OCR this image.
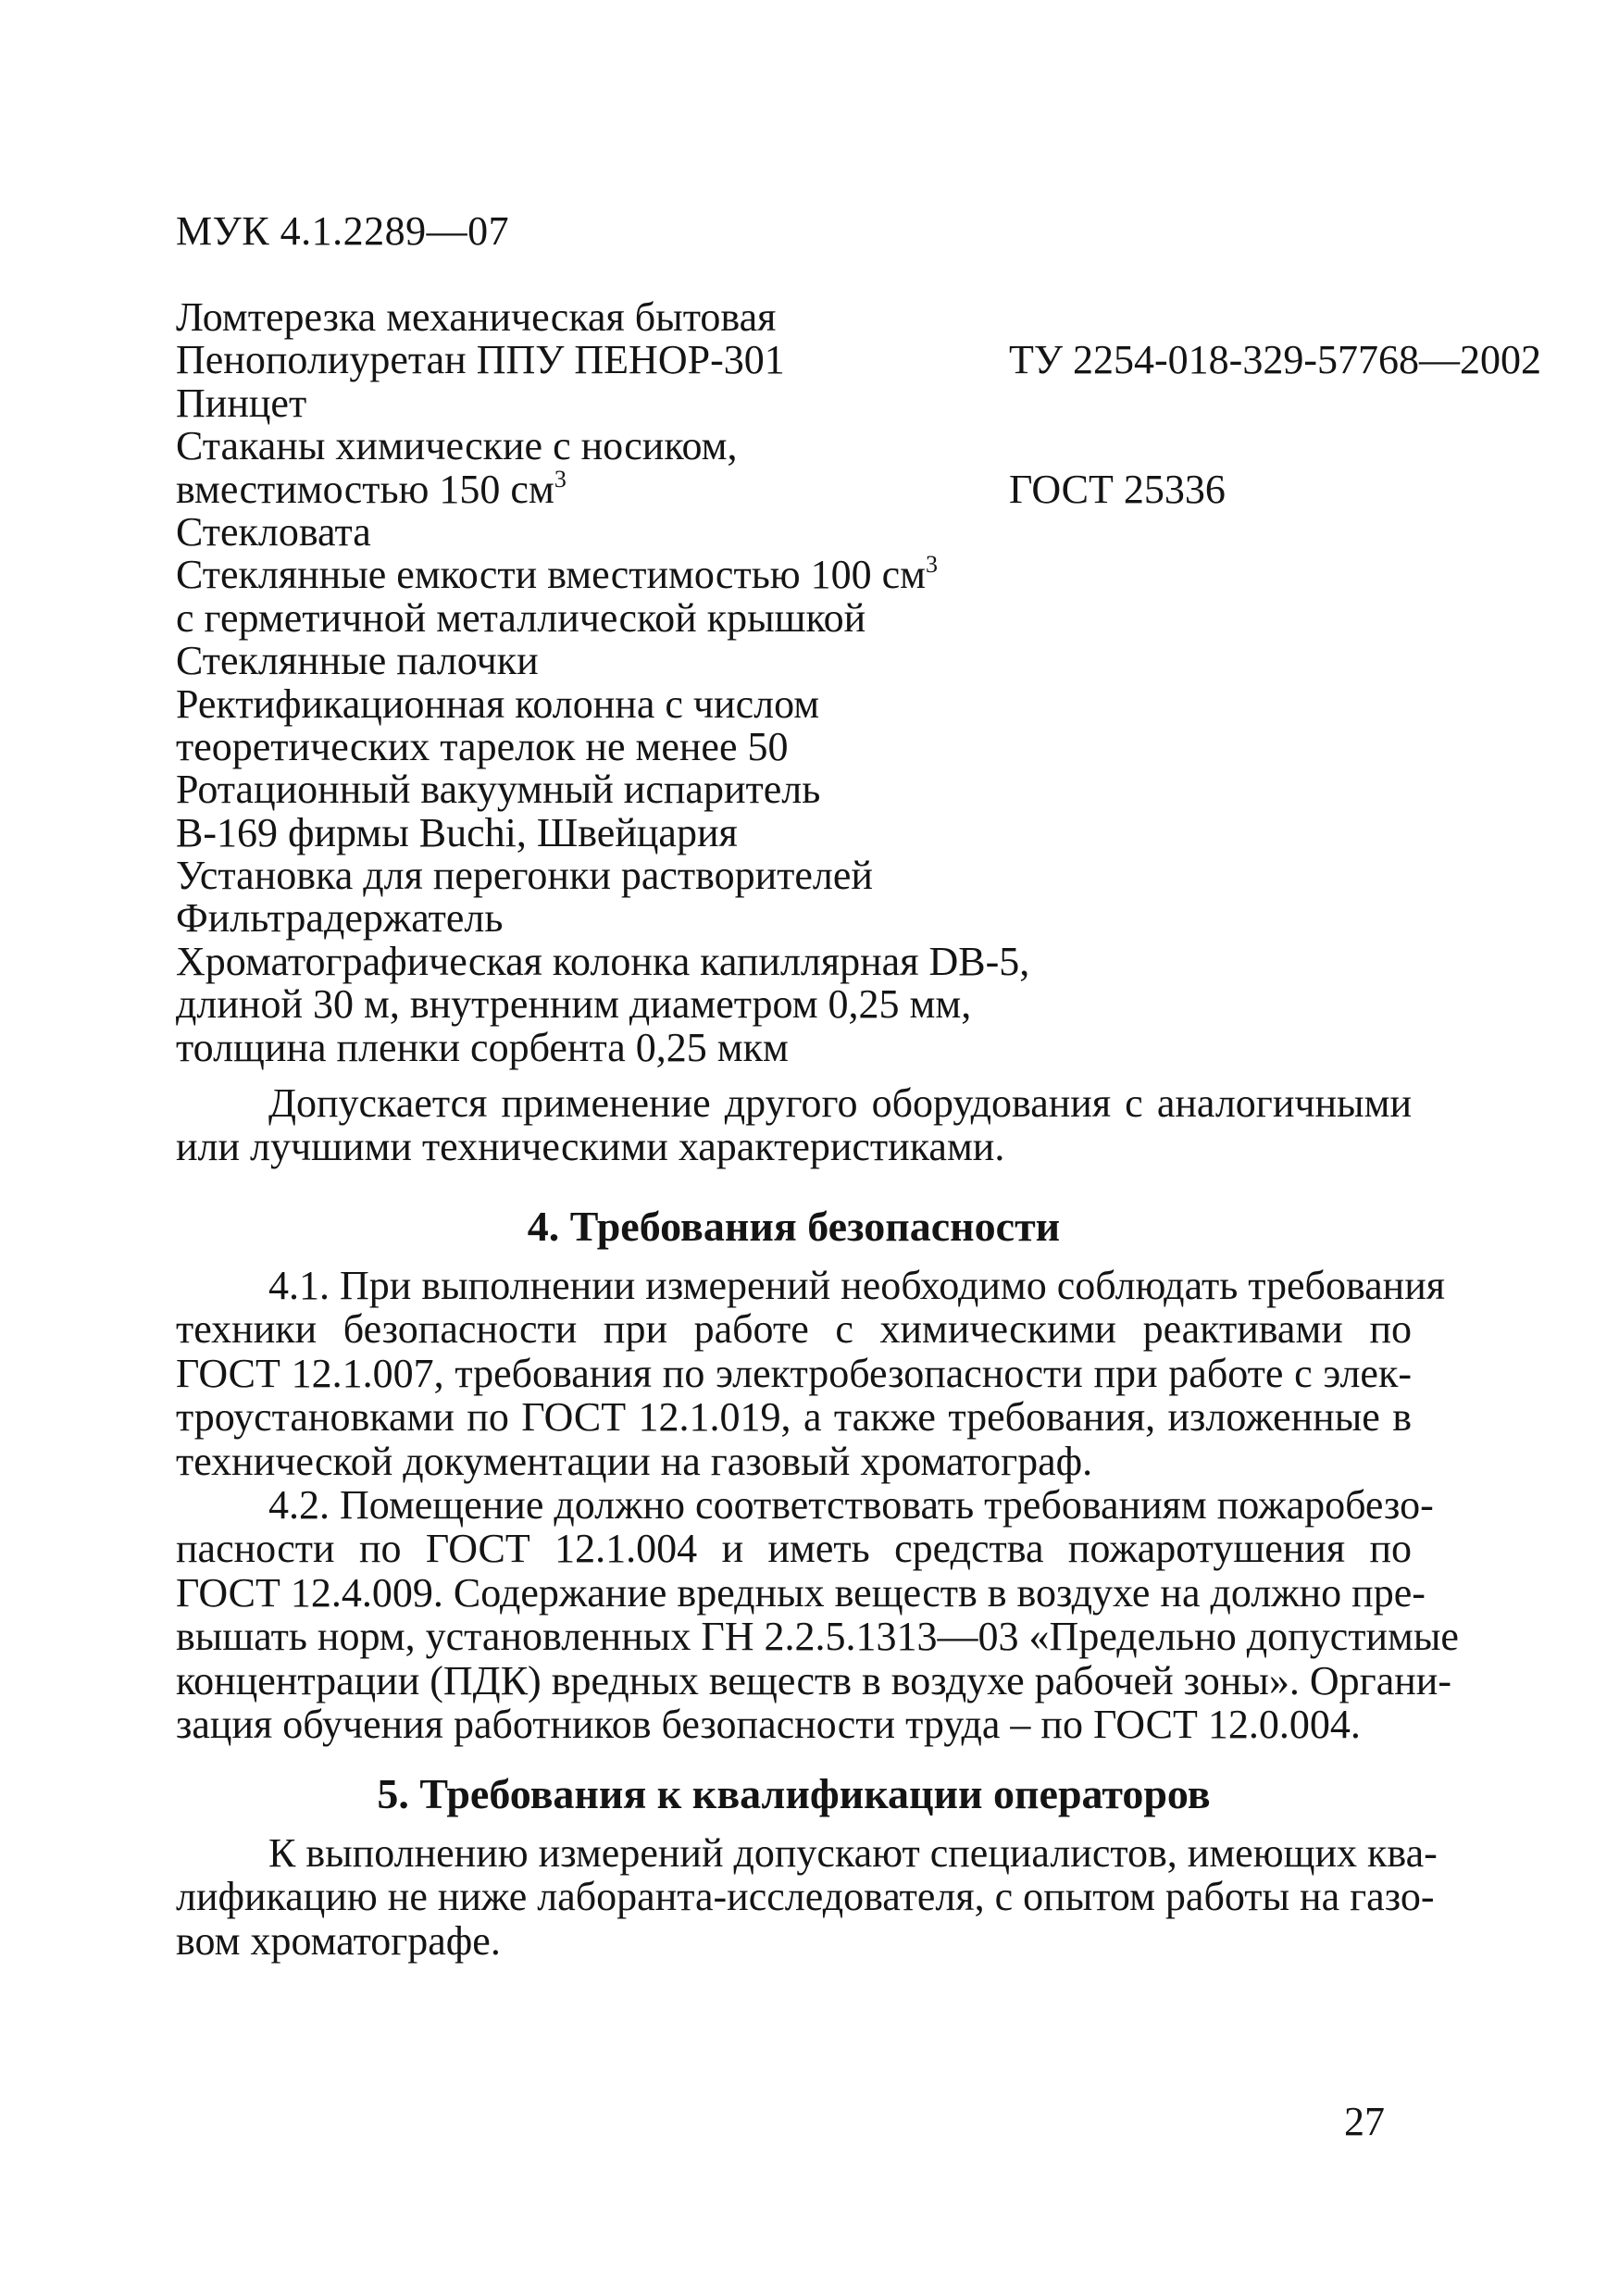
МУК 4.1.2289—07
Ломтерезка механическая бытовая
Пенополиуретан ППУ ПЕНОР-301	ТУ 2254-018-329-57768—2002
Пинцет
Стаканы химические с носиком,
вместимостью 150 $см^3$	ГОСТ 25336
Стекловата
Стеклянные емкости вместимостью 100 $см^3$
с герметичной металлической крышкой
Стеклянные палочки
Ректификационная колонна с числом
теоретических тарелок не менее 50
Ротационный вакуумный испаритель
В-169 фирмы Buchi, Швейцария
Установка для перегонки растворителей
Фильтрадержатель
Хроматографическая колонка капиллярная DB-5,
длиной 30 м, внутренним диаметром 0,25 мм,
толщина пленки сорбента 0,25 мкм

Допускается применение другого оборудования с аналогичными
или лучшими техническими характеристиками.

4. Требования безопасности

4.1. При выполнении измерений необходимо соблюдать требования
техники безопасности при работе с химическими реактивами по
ГОСТ 12.1.007, требования по электробезопасности при работе с элек-
троустановками по ГОСТ 12.1.019, а также требования, изложенные в
технической документации на газовый хроматограф.

4.2. Помещение должно соответствовать требованиям пожаробезо-
пасности по ГОСТ 12.1.004 и иметь средства пожаротушения по
ГОСТ 12.4.009. Содержание вредных веществ в воздухе на должно пре-
вышать норм, установленных ГН 2.2.5.1313—03 «Предельно допустимые
концентрации (ПДК) вредных веществ в воздухе рабочей зоны». Органи-
зация обучения работников безопасности труда – по ГОСТ 12.0.004.

5. Требования к квалификации операторов

К выполнению измерений допускают специалистов, имеющих ква-
лификацию не ниже лаборанта-исследователя, с опытом работы на газо-
вом хроматографе.

27
